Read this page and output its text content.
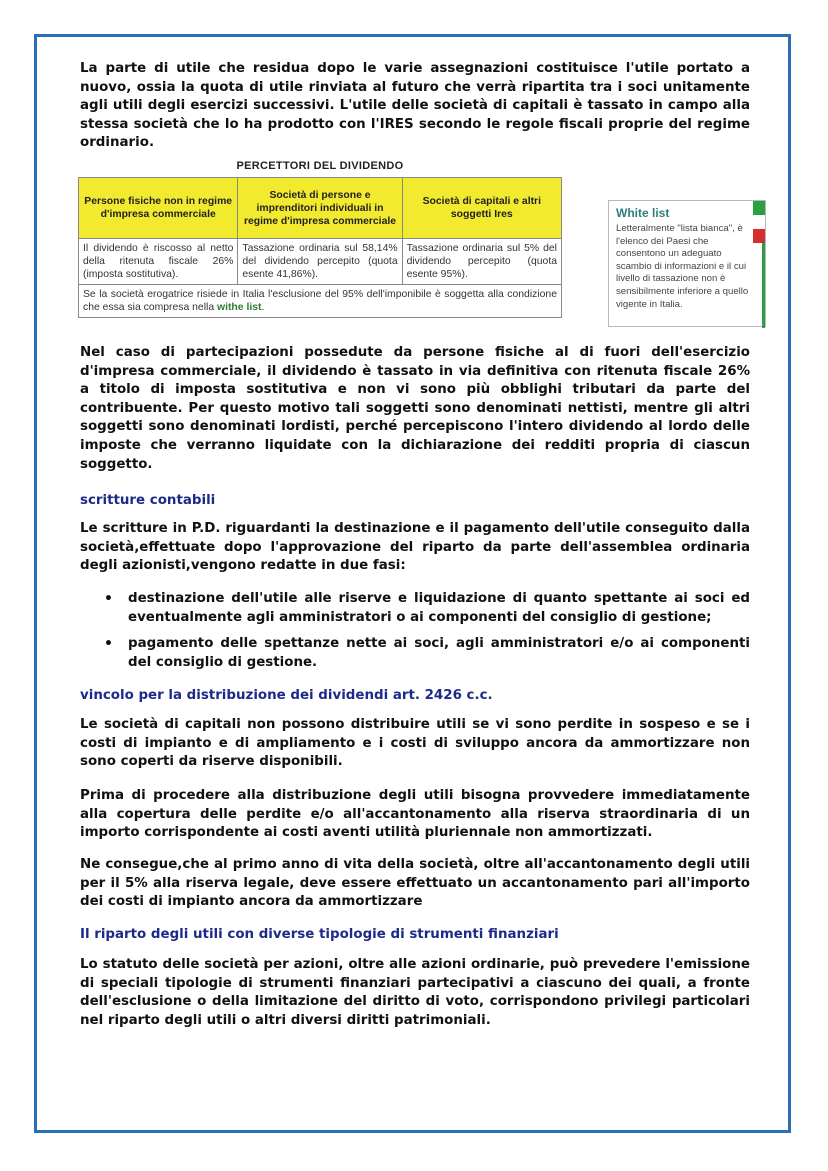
La parte di utile che residua dopo le varie assegnazioni costituisce l'utile portato a nuovo, ossia la quota di utile rinviata al futuro che verrà ripartita tra i soci unitamente agli utili degli esercizi successivi. L'utile delle società di capitali è tassato in campo alla stessa società che lo ha prodotto con l'IRES secondo le regole fiscali proprie del regime ordinario.

PERCETTORI DEL DIVIDENDO
Persone fisiche non in regime d'impresa commerciale	Società di persone e imprenditori individuali in regime d'impresa commerciale	Società di capitali e altri soggetti Ires
Il dividendo è riscosso al netto della ritenuta fiscale 26% (imposta sostitutiva).	Tassazione ordinaria sul 58,14% del dividendo percepito (quota esente 41,86%).	Tassazione ordinaria sul 5% del dividendo percepito (quota esente 95%).
Se la società erogatrice risiede in Italia l'esclusione del 95% dell'imponibile è soggetta alla condizione che essa sia compresa nella withe list.		

White list

Letteralmente "lista bianca", è l'elenco dei Paesi che consentono un adeguato scambio di informazioni e il cui livello di tassazione non è sensibilmente inferiore a quello vigente in Italia.

Nel caso di partecipazioni possedute da persone fisiche al di fuori dell'esercizio d'impresa commerciale, il dividendo è tassato in via definitiva con ritenuta fiscale 26% a titolo di imposta sostitutiva e non vi sono più obblighi tributari da parte del contribuente. Per questo motivo tali soggetti sono denominati nettisti, mentre gli altri soggetti sono denominati lordisti, perché percepiscono l'intero dividendo al lordo delle imposte che verranno liquidate con la dichiarazione dei redditi propria di ciascun soggetto.

scritture contabili

Le scritture in P.D. riguardanti la destinazione e il pagamento dell'utile conseguito dalla società,effettuate dopo l'approvazione del riparto da parte dell'assemblea ordinaria degli azionisti,vengono redatte in due fasi:

• destinazione dell'utile alle riserve e liquidazione di quanto spettante ai soci ed eventualmente agli amministratori o ai componenti del consiglio di gestione;
• pagamento delle spettanze nette ai soci, agli amministratori e/o ai componenti del consiglio di gestione.

vincolo per la distribuzione dei dividendi art. 2426 c.c.

Le società di capitali non possono distribuire utili se vi sono perdite in sospeso e se i costi di impianto e di ampliamento e i costi di sviluppo ancora da ammortizzare non sono coperti da riserve disponibili.

Prima di procedere alla distribuzione degli utili bisogna provvedere immediatamente alla copertura delle perdite e/o all'accantonamento alla riserva straordinaria di un importo corrispondente ai costi aventi utilità pluriennale non ammortizzati.

Ne consegue,che al primo anno di vita della società, oltre all'accantonamento degli utili per il 5% alla riserva legale, deve essere effettuato un accantonamento pari all'importo dei costi di impianto ancora da ammortizzare

Il riparto degli utili con diverse tipologie di strumenti finanziari

Lo statuto delle società per azioni, oltre alle azioni ordinarie, può prevedere l'emissione di speciali tipologie di strumenti finanziari partecipativi a ciascuno dei quali, a fronte dell'esclusione o della limitazione del diritto di voto, corrispondono privilegi particolari nel riparto degli utili o altri diversi diritti patrimoniali.
